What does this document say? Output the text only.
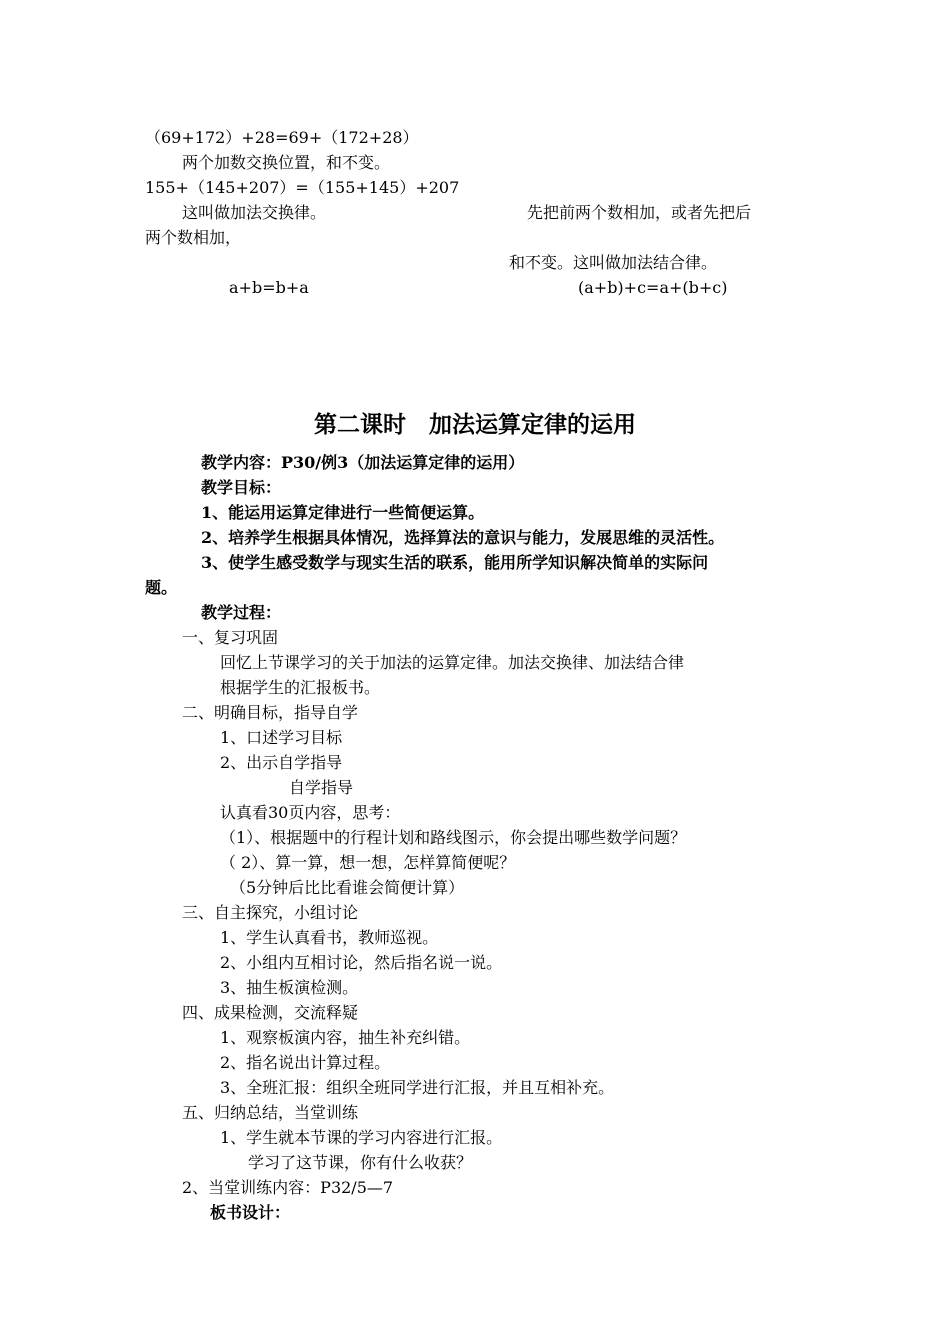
（69+172）+28=69+（172+28）
两个加数交换位置，和不变。
155+（145+207）=（155+145）+207
这叫做加法交换律。	先把前两个数相加，或者先把后
两个数相加，
和不变。这叫做加法结合律。
a+b=b+a	(a+b)+c=a+(b+c)
第二课时　加法运算定律的运用
教学内容：P30/例3（加法运算定律的运用）
教学目标：
1、能运用运算定律进行一些简便运算。
2、培养学生根据具体情况，选择算法的意识与能力，发展思维的灵活性。
3、使学生感受数学与现实生活的联系，能用所学知识解决简单的实际问
题。
教学过程：
一、复习巩固
回忆上节课学习的关于加法的运算定律。加法交换律、加法结合律
根据学生的汇报板书。
二、明确目标，指导自学
1、口述学习目标
2、出示自学指导
自学指导
认真看30页内容，思考：
（1）、根据题中的行程计划和路线图示，你会提出哪些数学问题？
（ 2）、算一算，想一想，怎样算简便呢？
（5分钟后比比看谁会简便计算）
三、自主探究，小组讨论
1、学生认真看书，教师巡视。
2、小组内互相讨论，然后指名说一说。
3、抽生板演检测。
四、成果检测，交流释疑
1、观察板演内容，抽生补充纠错。
2、指名说出计算过程。
3、全班汇报：组织全班同学进行汇报，并且互相补充。
五、归纳总结，当堂训练
1、学生就本节课的学习内容进行汇报。
学习了这节课，你有什么收获？
2、当堂训练内容：P32/5—7
板书设计：
